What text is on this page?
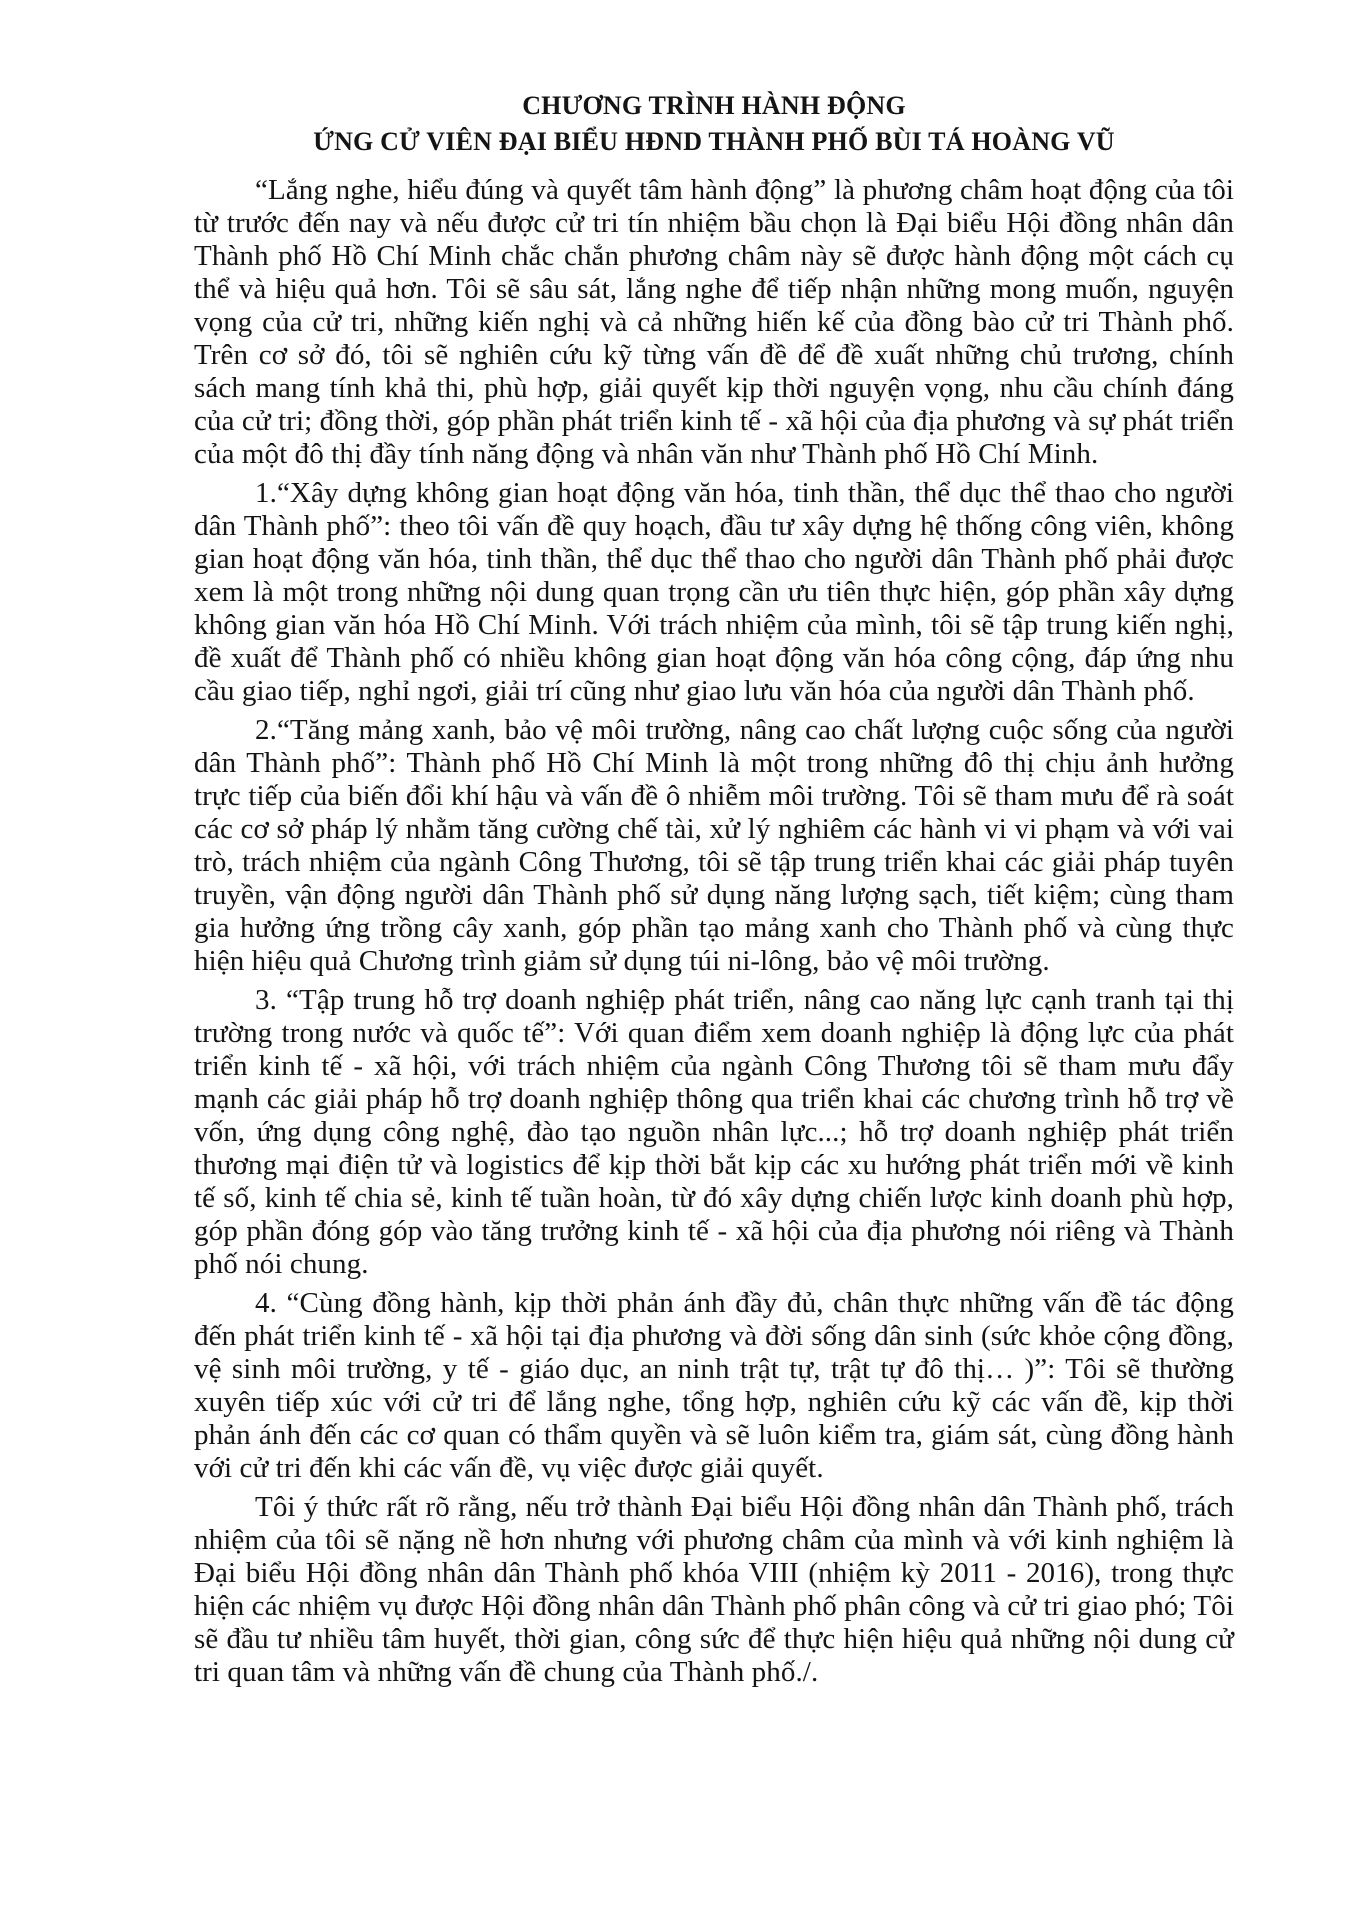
CHƯƠNG TRÌNH HÀNH ĐỘNG

ỨNG CỬ VIÊN ĐẠI BIỂU HĐND THÀNH PHỐ BÙI TÁ HOÀNG VŨ

“Lắng nghe, hiểu đúng và quyết tâm hành động” là phương châm hoạt động của tôi từ trước đến nay và nếu được cử tri tín nhiệm bầu chọn là Đại biểu Hội đồng nhân dân Thành phố Hồ Chí Minh chắc chắn phương châm này sẽ được hành động một cách cụ thể và hiệu quả hơn. Tôi sẽ sâu sát, lắng nghe để tiếp nhận những mong muốn, nguyện vọng của cử tri, những kiến nghị và cả những hiến kế của đồng bào cử tri Thành phố. Trên cơ sở đó, tôi sẽ nghiên cứu kỹ từng vấn đề để đề xuất những chủ trương, chính sách mang tính khả thi, phù hợp, giải quyết kịp thời nguyện vọng, nhu cầu chính đáng của cử tri; đồng thời, góp phần phát triển kinh tế - xã hội của địa phương và sự phát triển của một đô thị đầy tính năng động và nhân văn như Thành phố Hồ Chí Minh.

1.“Xây dựng không gian hoạt động văn hóa, tinh thần, thể dục thể thao cho người dân Thành phố”: theo tôi vấn đề quy hoạch, đầu tư xây dựng hệ thống công viên, không gian hoạt động văn hóa, tinh thần, thể dục thể thao cho người dân Thành phố phải được xem là một trong những nội dung quan trọng cần ưu tiên thực hiện, góp phần xây dựng không gian văn hóa Hồ Chí Minh. Với trách nhiệm của mình, tôi sẽ tập trung kiến nghị, đề xuất để Thành phố có nhiều không gian hoạt động văn hóa công cộng, đáp ứng nhu cầu giao tiếp, nghỉ ngơi, giải trí cũng như giao lưu văn hóa của người dân Thành phố.

2.“Tăng mảng xanh, bảo vệ môi trường, nâng cao chất lượng cuộc sống của người dân Thành phố”: Thành phố Hồ Chí Minh là một trong những đô thị chịu ảnh hưởng trực tiếp của biến đổi khí hậu và vấn đề ô nhiễm môi trường. Tôi sẽ tham mưu để rà soát các cơ sở pháp lý nhằm tăng cường chế tài, xử lý nghiêm các hành vi vi phạm và với vai trò, trách nhiệm của ngành Công Thương, tôi sẽ tập trung triển khai các giải pháp tuyên truyền, vận động người dân Thành phố sử dụng năng lượng sạch, tiết kiệm; cùng tham gia hưởng ứng trồng cây xanh, góp phần tạo mảng xanh cho Thành phố và cùng thực hiện hiệu quả Chương trình giảm sử dụng túi ni-lông, bảo vệ môi trường.

3. “Tập trung hỗ trợ doanh nghiệp phát triển, nâng cao năng lực cạnh tranh tại thị trường trong nước và quốc tế”: Với quan điểm xem doanh nghiệp là động lực của phát triển kinh tế - xã hội, với trách nhiệm của ngành Công Thương tôi sẽ tham mưu đẩy mạnh các giải pháp hỗ trợ doanh nghiệp thông qua triển khai các chương trình hỗ trợ về vốn, ứng dụng công nghệ, đào tạo nguồn nhân lực...; hỗ trợ doanh nghiệp phát triển thương mại điện tử và logistics để kịp thời bắt kịp các xu hướng phát triển mới về kinh tế số, kinh tế chia sẻ, kinh tế tuần hoàn, từ đó xây dựng chiến lược kinh doanh phù hợp, góp phần đóng góp vào tăng trưởng kinh tế - xã hội của địa phương nói riêng và Thành phố nói chung.

4. “Cùng đồng hành, kịp thời phản ánh đầy đủ, chân thực những vấn đề tác động đến phát triển kinh tế - xã hội tại địa phương và đời sống dân sinh (sức khỏe cộng đồng, vệ sinh môi trường, y tế - giáo dục, an ninh trật tự, trật tự đô thị… )”: Tôi sẽ thường xuyên tiếp xúc với cử tri để lắng nghe, tổng hợp, nghiên cứu kỹ các vấn đề, kịp thời phản ánh đến các cơ quan có thẩm quyền và sẽ luôn kiểm tra, giám sát, cùng đồng hành với cử tri đến khi các vấn đề, vụ việc được giải quyết.

Tôi ý thức rất rõ rằng, nếu trở thành Đại biểu Hội đồng nhân dân Thành phố, trách nhiệm của tôi sẽ nặng nề hơn nhưng với phương châm của mình và với kinh nghiệm là Đại biểu Hội đồng nhân dân Thành phố khóa VIII (nhiệm kỳ 2011 - 2016), trong thực hiện các nhiệm vụ được Hội đồng nhân dân Thành phố phân công và cử tri giao phó; Tôi sẽ đầu tư nhiều tâm huyết, thời gian, công sức để thực hiện hiệu quả những nội dung cử tri quan tâm và những vấn đề chung của Thành phố./.
